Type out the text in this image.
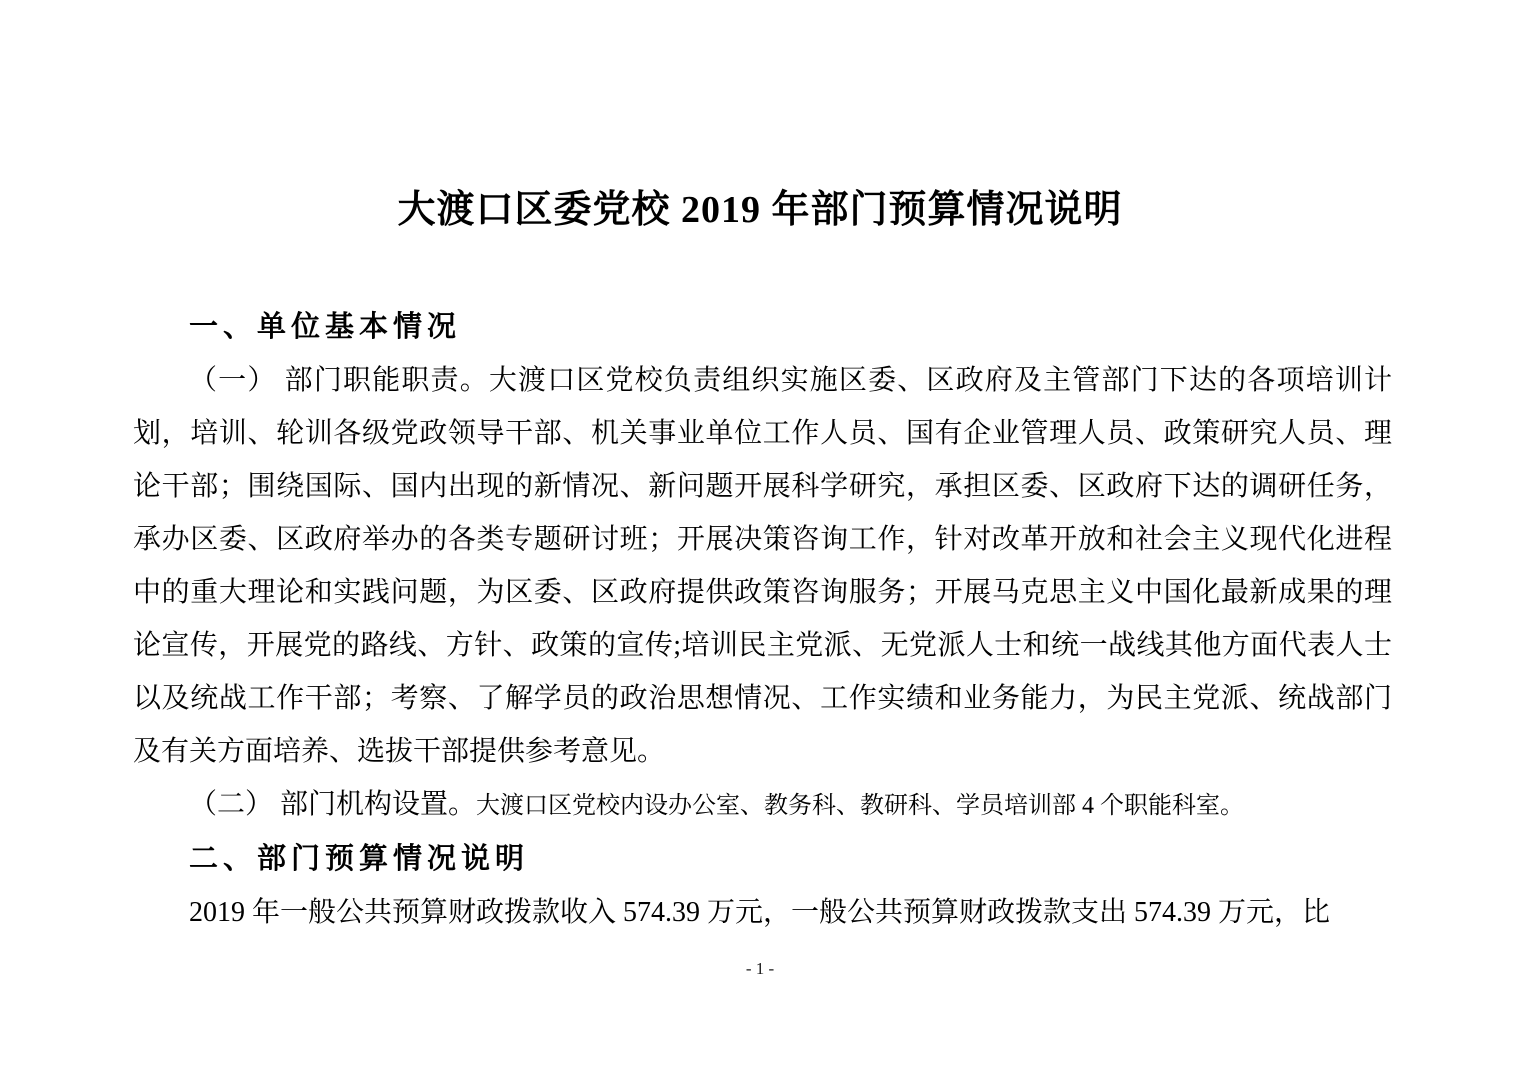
大渡口区委党校 2019 年部门预算情况说明
一、单位基本情况

（一） 部门职能职责。大渡口区党校负责组织实施区委、区政府及主管部门下达的各项培训计划，培训、轮训各级党政领导干部、机关事业单位工作人员、国有企业管理人员、政策研究人员、理论干部；围绕国际、国内出现的新情况、新问题开展科学研究，承担区委、区政府下达的调研任务，承办区委、区政府举办的各类专题研讨班；开展决策咨询工作，针对改革开放和社会主义现代化进程中的重大理论和实践问题，为区委、区政府提供政策咨询服务；开展马克思主义中国化最新成果的理论宣传，开展党的路线、方针、政策的宣传;培训民主党派、无党派人士和统一战线其他方面代表人士以及统战工作干部；考察、了解学员的政治思想情况、工作实绩和业务能力，为民主党派、统战部门及有关方面培养、选拔干部提供参考意见。

（二） 部门机构设置。大渡口区党校内设办公室、教务科、教研科、学员培训部 4 个职能科室。

二、部门预算情况说明

2019 年一般公共预算财政拨款收入 574.39 万元，一般公共预算财政拨款支出 574.39 万元，比

- 1 -
